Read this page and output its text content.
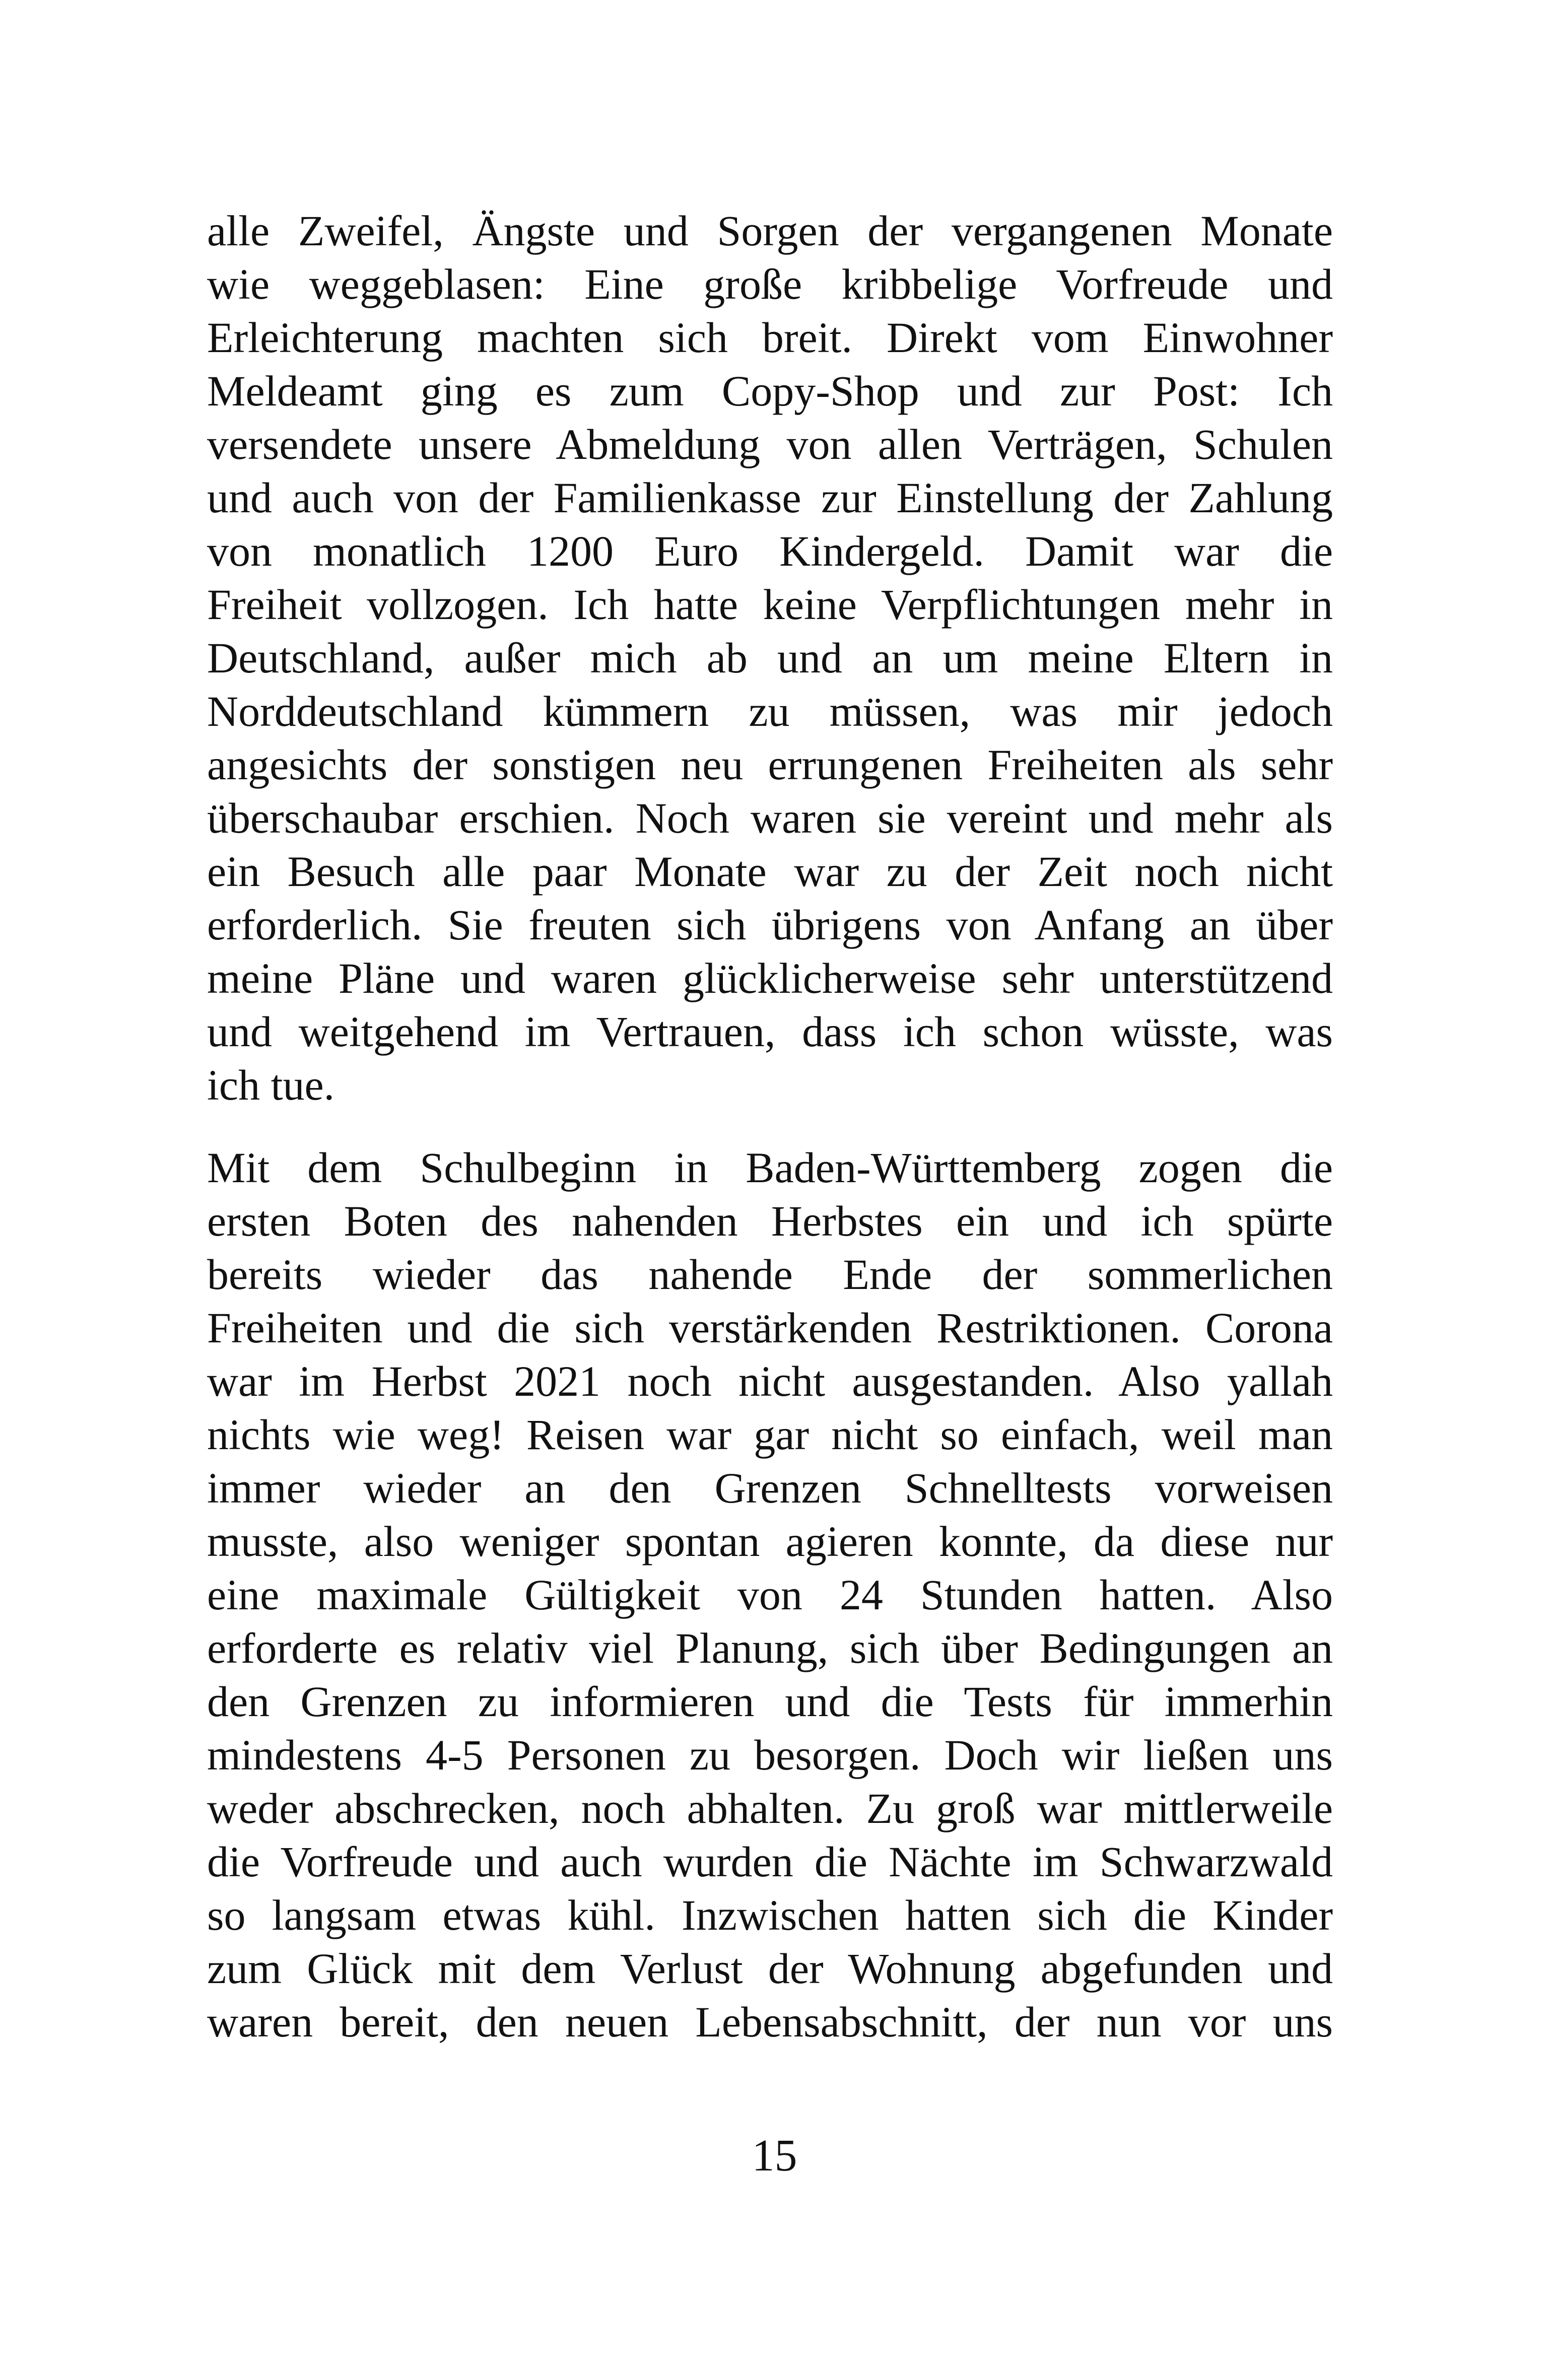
alle Zweifel, Ängste und Sorgen der vergangenen Monate
wie weggeblasen: Eine große kribbelige Vorfreude und
Erleichterung machten sich breit. Direkt vom Einwohner
Meldeamt ging es zum Copy-Shop und zur Post: Ich
versendete unsere Abmeldung von allen Verträgen, Schulen
und auch von der Familienkasse zur Einstellung der Zahlung
von monatlich 1200 Euro Kindergeld. Damit war die
Freiheit vollzogen. Ich hatte keine Verpflichtungen mehr in
Deutschland, außer mich ab und an um meine Eltern in
Norddeutschland kümmern zu müssen, was mir jedoch
angesichts der sonstigen neu errungenen Freiheiten als sehr
überschaubar erschien. Noch waren sie vereint und mehr als
ein Besuch alle paar Monate war zu der Zeit noch nicht
erforderlich. Sie freuten sich übrigens von Anfang an über
meine Pläne und waren glücklicherweise sehr unterstützend
und weitgehend im Vertrauen, dass ich schon wüsste, was
ich tue.
Mit dem Schulbeginn in Baden-Württemberg zogen die
ersten Boten des nahenden Herbstes ein und ich spürte
bereits wieder das nahende Ende der sommerlichen
Freiheiten und die sich verstärkenden Restriktionen. Corona
war im Herbst 2021 noch nicht ausgestanden. Also yallah
nichts wie weg! Reisen war gar nicht so einfach, weil man
immer wieder an den Grenzen Schnelltests vorweisen
musste, also weniger spontan agieren konnte, da diese nur
eine maximale Gültigkeit von 24 Stunden hatten. Also
erforderte es relativ viel Planung, sich über Bedingungen an
den Grenzen zu informieren und die Tests für immerhin
mindestens 4-5 Personen zu besorgen. Doch wir ließen uns
weder abschrecken, noch abhalten. Zu groß war mittlerweile
die Vorfreude und auch wurden die Nächte im Schwarzwald
so langsam etwas kühl. Inzwischen hatten sich die Kinder
zum Glück mit dem Verlust der Wohnung abgefunden und
waren bereit, den neuen Lebensabschnitt, der nun vor uns
15
